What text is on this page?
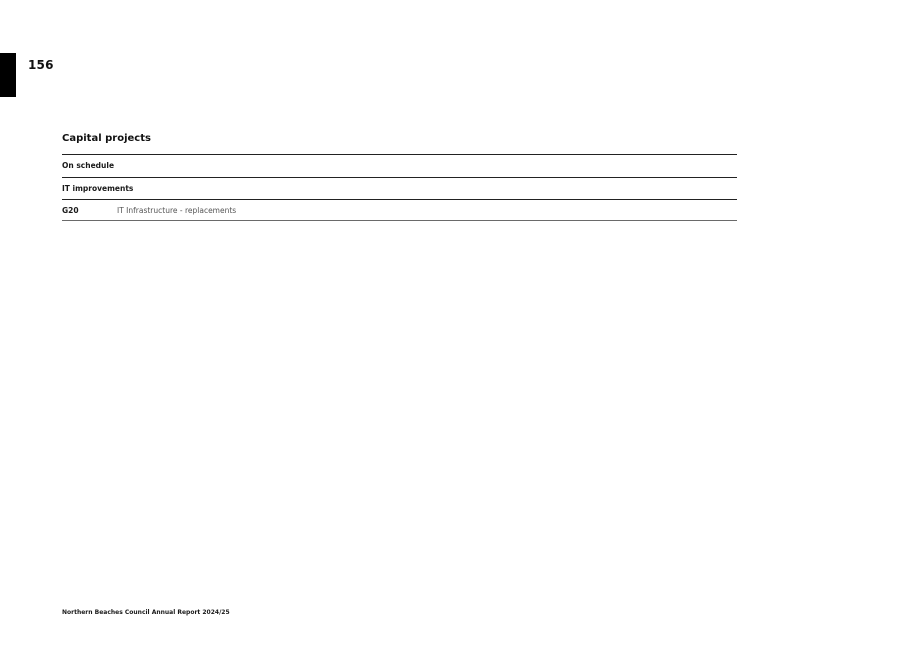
156
Capital projects
On schedule
IT improvements
G20	IT Infrastructure - replacements
Northern Beaches Council Annual Report 2024/25
